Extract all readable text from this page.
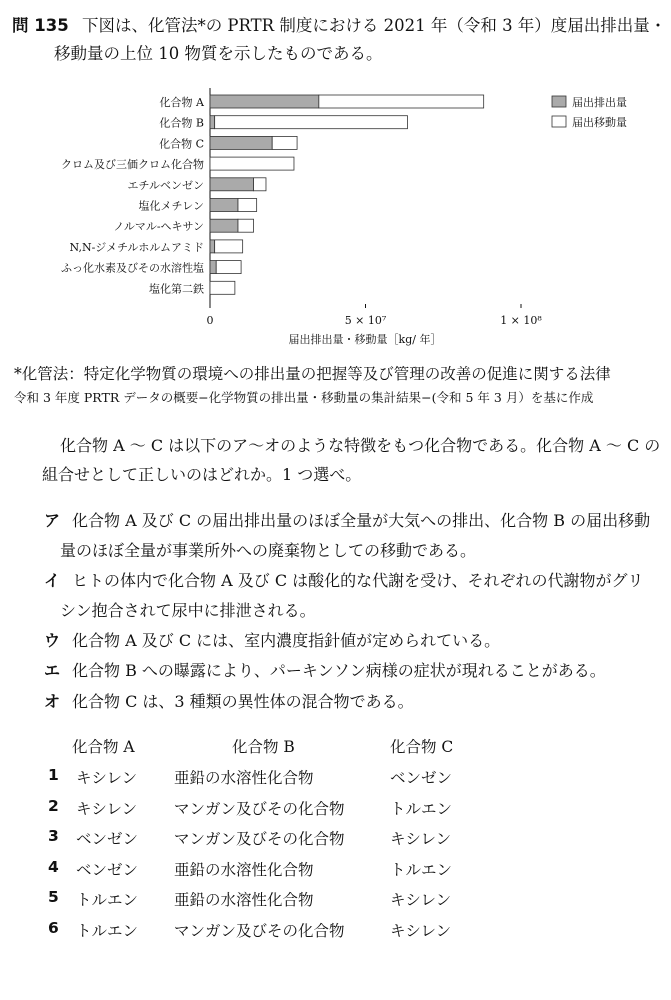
問 135 下図は、化管法*の PRTR 制度における 2021 年（令和 3 年）度届出排出量・
移動量の上位 10 物質を示したものである。
0	5 × 10⁷	1 × 10⁸
届出排出量・移動量［kg/ 年］
化合物 A
化合物 B
化合物 C
クロム及び三価クロム化合物
エチルベンゼン
塩化メチレン
ノルマル-ヘキサン
N,N-ジメチルホルムアミド
ふっ化水素及びその水溶性塩
塩化第二鉄
届出排出量
届出移動量
*化管法：特定化学物質の環境への排出量の把握等及び管理の改善の促進に関する法律
令和 3 年度 PRTR データの概要−化学物質の排出量・移動量の集計結果−(令和 5 年 3 月）を基に作成
化合物 A ～ C は以下のア～オのような特徴をもつ化合物である。化合物 A ～ C の
組合せとして正しいのはどれか。1 つ選べ。
ア 化合物 A 及び C の届出排出量のほぼ全量が大気への排出、化合物 B の届出移動
量のほぼ全量が事業所外への廃棄物としての移動である。
イ ヒトの体内で化合物 A 及び C は酸化的な代謝を受け、それぞれの代謝物がグリ
シン抱合されて尿中に排泄される。
ウ 化合物 A 及び C には、室内濃度指針値が定められている。
エ 化合物 B への曝露により、パーキンソン病様の症状が現れることがある。
オ 化合物 C は、3 種類の異性体の混合物である。
化合物 A	化合物 B	化合物 C
1 キシレン 亜鉛の水溶性化合物	ベンゼン
2 キシレン マンガン及びその化合物	トルエン
3 ベンゼン マンガン及びその化合物	キシレン
4 ベンゼン 亜鉛の水溶性化合物	トルエン
5 トルエン 亜鉛の水溶性化合物	キシレン
6 トルエン マンガン及びその化合物	キシレン
